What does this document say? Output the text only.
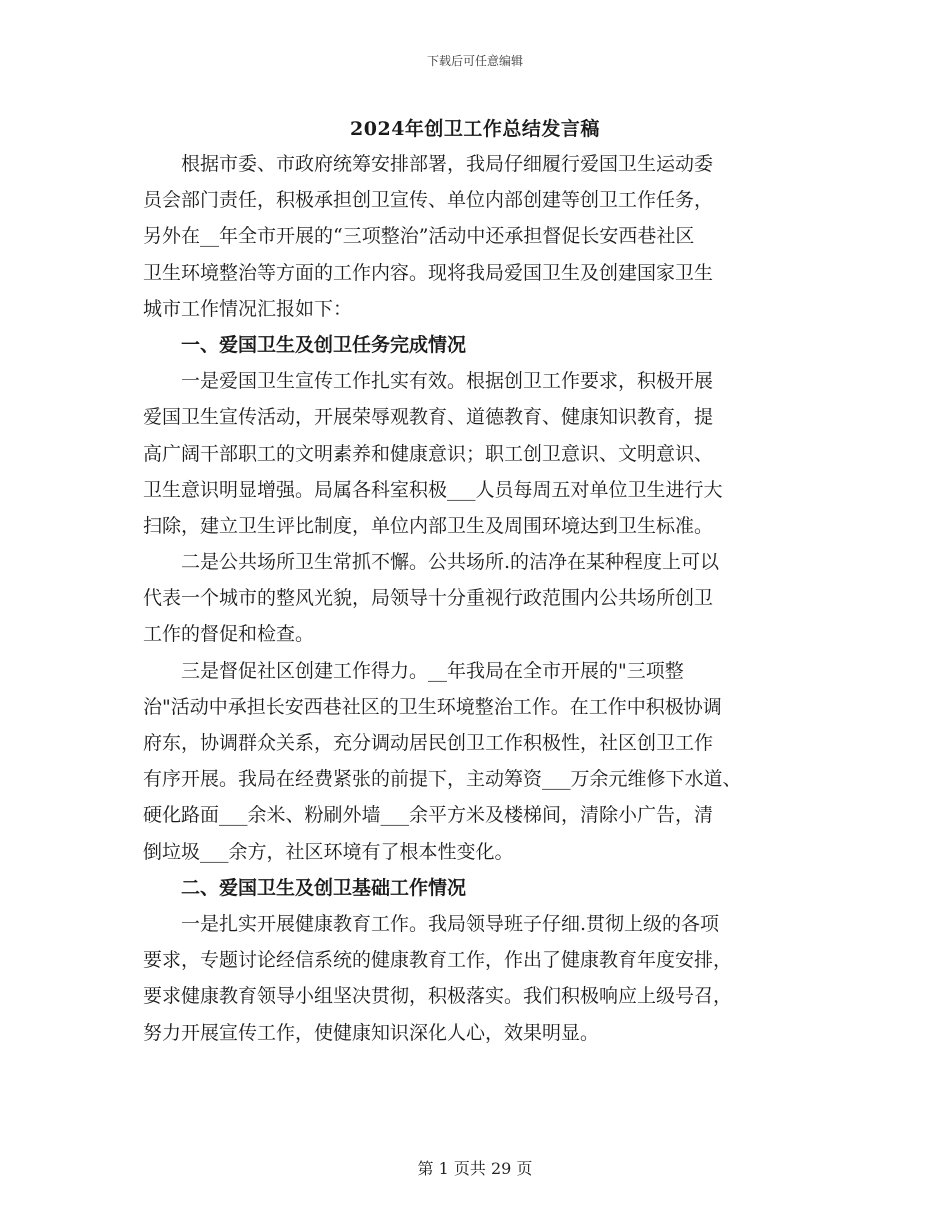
下载后可任意编辑
2024年创卫工作总结发言稿
根据市委、市政府统筹安排部署，我局仔细履行爱国卫生运动委
员会部门责任，积极承担创卫宣传、单位内部创建等创卫工作任务，
另外在__年全市开展的“三项整治”活动中还承担督促长安西巷社区
卫生环境整治等方面的工作内容。现将我局爱国卫生及创建国家卫生
城市工作情况汇报如下：
一、爱国卫生及创卫任务完成情况
一是爱国卫生宣传工作扎实有效。根据创卫工作要求，积极开展
爱国卫生宣传活动，开展荣辱观教育、道德教育、健康知识教育，提
高广阔干部职工的文明素养和健康意识；职工创卫意识、文明意识、
卫生意识明显增强。局属各科室积极___人员每周五对单位卫生进行大
扫除，建立卫生评比制度，单位内部卫生及周围环境达到卫生标准。
二是公共场所卫生常抓不懈。公共场所.的洁净在某种程度上可以
代表一个城市的整风光貌，局领导十分重视行政范围内公共场所创卫
工作的督促和检查。
三是督促社区创建工作得力。__年我局在全市开展的"三项整
治"活动中承担长安西巷社区的卫生环境整治工作。在工作中积极协调
府东，协调群众关系，充分调动居民创卫工作积极性，社区创卫工作
有序开展。我局在经费紧张的前提下，主动筹资___万余元维修下水道、
硬化路面___余米、粉刷外墙___余平方米及楼梯间，清除小广告，清
倒垃圾___余方，社区环境有了根本性变化。
二、爱国卫生及创卫基础工作情况
一是扎实开展健康教育工作。我局领导班子仔细.贯彻上级的各项
要求，专题讨论经信系统的健康教育工作，作出了健康教育年度安排，
要求健康教育领导小组坚决贯彻，积极落实。我们积极响应上级号召，
努力开展宣传工作，使健康知识深化人心，效果明显。
第 1 页共 29 页
